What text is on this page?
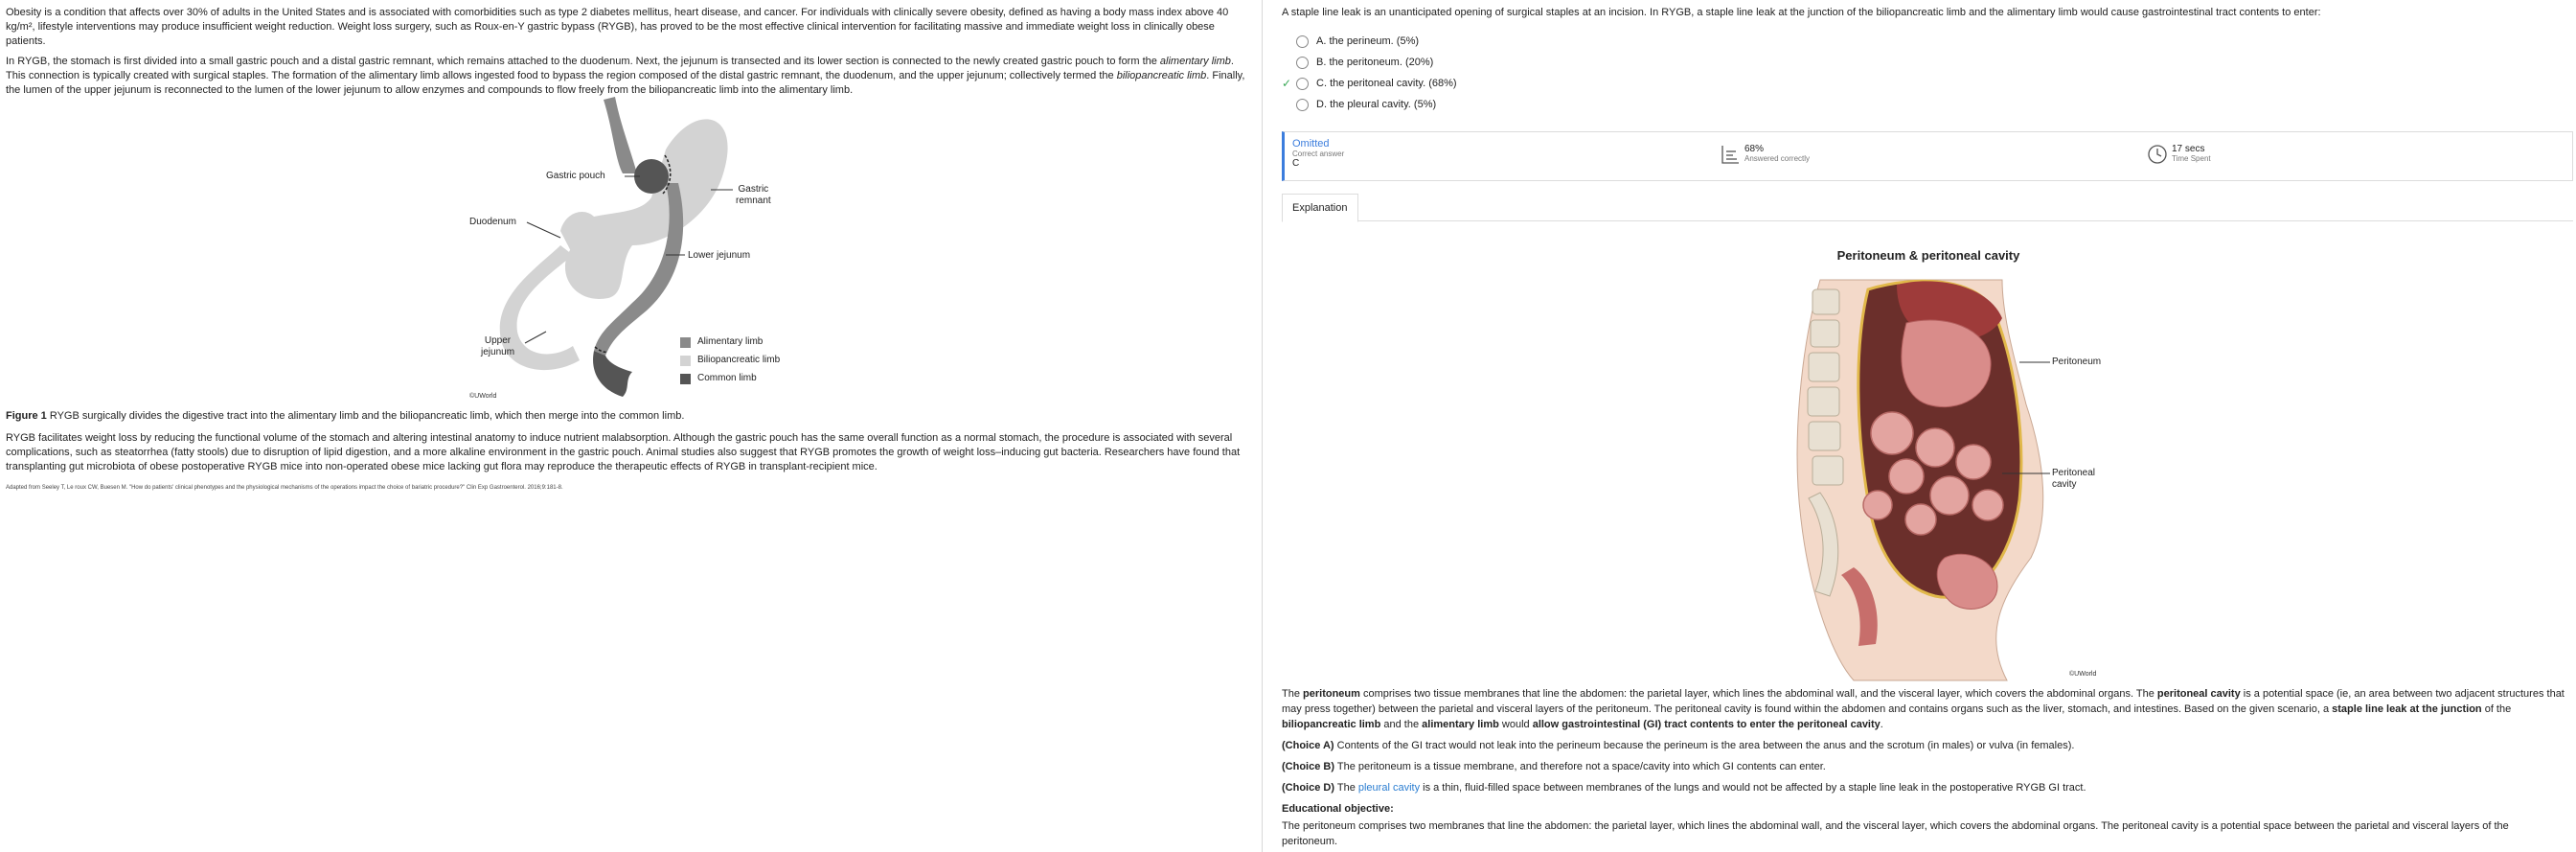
Obesity is a condition that affects over 30% of adults in the United States and is associated with comorbidities such as type 2 diabetes mellitus, heart disease, and cancer. For individuals with clinically severe obesity, defined as having a body mass index above 40 kg/m², lifestyle interventions may produce insufficient weight reduction. Weight loss surgery, such as Roux-en-Y gastric bypass (RYGB), has proved to be the most effective clinical intervention for facilitating massive and immediate weight loss in clinically obese patients.

In RYGB, the stomach is first divided into a small gastric pouch and a distal gastric remnant, which remains attached to the duodenum. Next, the jejunum is transected and its lower section is connected to the newly created gastric pouch to form the alimentary limb. This connection is typically created with surgical staples. The formation of the alimentary limb allows ingested food to bypass the region composed of the distal gastric remnant, the duodenum, and the upper jejunum; collectively termed the biliopancreatic limb. Finally, the lumen of the upper jejunum is reconnected to the lumen of the lower jejunum to allow enzymes and compounds to flow freely from the biliopancreatic limb into the alimentary limb.

Gastric pouch
Gastric
remnant
Duodenum
Lower jejunum
Upper
jejunum
Alimentary limb
Biliopancreatic limb
Common limb
©UWorld
Figure 1 RYGB surgically divides the digestive tract into the alimentary limb and the biliopancreatic limb, which then merge into the common limb.
RYGB facilitates weight loss by reducing the functional volume of the stomach and altering intestinal anatomy to induce nutrient malabsorption. Although the gastric pouch has the same overall function as a normal stomach, the procedure is associated with several complications, such as steatorrhea (fatty stools) due to disruption of lipid digestion, and a more alkaline environment in the gastric pouch. Animal studies also suggest that RYGB promotes the growth of weight loss–inducing gut bacteria. Researchers have found that transplanting gut microbiota of obese postoperative RYGB mice into non-operated obese mice lacking gut flora may reproduce the therapeutic effects of RYGB in transplant-recipient mice.
Adapted from Seeley T, Le roux CW, Buesen M. "How do patients' clinical phenotypes and the physiological mechanisms of the operations impact the choice of bariatric procedure?" Clin Exp Gastroenterol. 2016;9:181-8.
A staple line leak is an unanticipated opening of surgical staples at an incision. In RYGB, a staple line leak at the junction of the biliopancreatic limb and the alimentary limb would cause gastrointestinal tract contents to enter:
A. the perineum. (5%)
B. the peritoneum. (20%)
✓	C. the peritoneal cavity. (68%)
D. the pleural cavity. (5%)
Omitted
Correct answer
C
68%
Answered correctly
17 secs
Time Spent
Explanation
Peritoneum & peritoneal cavity
Peritoneum
Peritoneal
cavity
©UWorld

The peritoneum comprises two tissue membranes that line the abdomen: the parietal layer, which lines the abdominal wall, and the visceral layer, which covers the abdominal organs. The peritoneal cavity is a potential space (ie, an area between two adjacent structures that may press together) between the parietal and visceral layers of the peritoneum. The peritoneal cavity is found within the abdomen and contains organs such as the liver, stomach, and intestines. Based on the given scenario, a staple line leak at the junction of the biliopancreatic limb and the alimentary limb would allow gastrointestinal (GI) tract contents to enter the peritoneal cavity.

(Choice A) Contents of the GI tract would not leak into the perineum because the perineum is the area between the anus and the scrotum (in males) or vulva (in females).

(Choice B) The peritoneum is a tissue membrane, and therefore not a space/cavity into which GI contents can enter.

(Choice D) The pleural cavity is a thin, fluid-filled space between membranes of the lungs and would not be affected by a staple line leak in the postoperative RYGB GI tract.

Educational objective:

The peritoneum comprises two membranes that line the abdomen: the parietal layer, which lines the abdominal wall, and the visceral layer, which covers the abdominal organs. The peritoneal cavity is a potential space between the parietal and visceral layers of the peritoneum.
